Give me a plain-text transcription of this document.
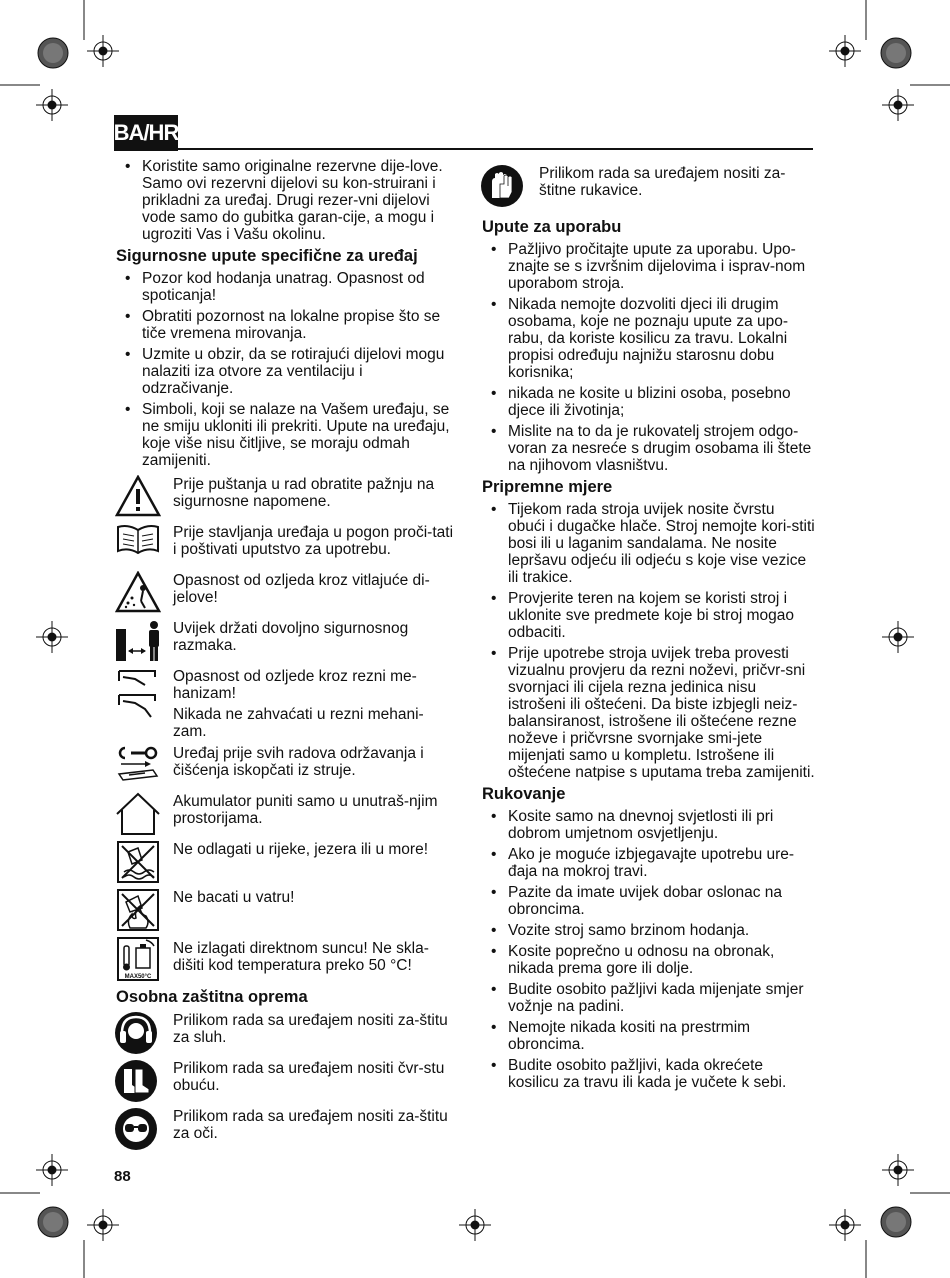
BA/HR
• Koristite samo originalne rezervne dije-love. Samo ovi rezervni dijelovi su kon-struirani i prikladni za uređaj. Drugi rezer-vni dijelovi vode samo do gubitka garan-cije, a mogu i ugroziti Vas i Vašu okolinu.
Sigurnosne upute specifične za uređaj
• Pozor kod hodanja unatrag. Opasnost od spoticanja!
• Obratiti pozornost na lokalne propise što se tiče vremena mirovanja.
• Uzmite u obzir, da se rotirajući dijelovi mogu nalaziti iza otvore za ventilaciju i odzračivanje.
• Simboli, koji se nalaze na Vašem uređaju, se ne smiju ukloniti ili prekriti. Upute na uređaju, koje više nisu čitljive, se moraju odmah zamijeniti.
Prije puštanja u rad obratite pažnju na sigurnosne napomene.
Prije stavljanja uređaja u pogon proči-tati i poštivati uputstvo za upotrebu.
Opasnost od ozljeda kroz vitlajuće di-jelove!
Uvijek držati dovoljno sigurnosnog razmaka.
Opasnost od ozljede kroz rezni me-hanizam!
Nikada ne zahvaćati u rezni mehani-zam.
Uređaj prije svih radova održavanja i čišćenja iskopčati iz struje.
Akumulator puniti samo u unutraš-njim prostorijama.
Ne odlagati u rijeke, jezera ili u more!
Ne bacati u vatru!
MAX50°C
Ne izlagati direktnom suncu! Ne skla-dišiti kod temperatura preko 50 °C!
Osobna zaštitna oprema
Prilikom rada sa uređajem nositi za-štitu za sluh.
Prilikom rada sa uređajem nositi čvr-stu obuću.
Prilikom rada sa uređajem nositi za-štitu za oči.
Prilikom rada sa uređajem nositi za-štitne rukavice.
Upute za uporabu
• Pažljivo pročitajte upute za uporabu. Upo-znajte se s izvršnim dijelovima i isprav-nom uporabom stroja.
• Nikada nemojte dozvoliti djeci ili drugim osobama, koje ne poznaju upute za upo-rabu, da koriste kosilicu za travu. Lokalni propisi određuju najnižu starosnu dobu korisnika;
• nikada ne kosite u blizini osoba, posebno djece ili životinja;
• Mislite na to da je rukovatelj strojem odgo-voran za nesreće s drugim osobama ili štete na njihovom vlasništvu.
Pripremne mjere
• Tijekom rada stroja uvijek nosite čvrstu obući i dugačke hlače. Stroj nemojte kori-stiti bosi ili u laganim sandalama. Ne nosite lepršavu odjeću ili odjeću s koje vise vezice ili trakice.
• Provjerite teren na kojem se koristi stroj i uklonite sve predmete koje bi stroj mogao odbaciti.
• Prije upotrebe stroja uvijek treba provesti vizualnu provjeru da rezni noževi, pričvr-sni svornjaci ili cijela rezna jedinica nisu istrošeni ili oštećeni. Da biste izbjegli neiz-balansiranost, istrošene ili oštećene rezne noževe i pričvrsne svornjake smi-jete mijenjati samo u kompletu. Istrošene ili oštećene natpise s uputama treba zamijeniti.
Rukovanje
• Kosite samo na dnevnoj svjetlosti ili pri dobrom umjetnom osvjetljenju.
• Ako je moguće izbjegavajte upotrebu ure-đaja na mokroj travi.
• Pazite da imate uvijek dobar oslonac na obroncima.
• Vozite stroj samo brzinom hodanja.
• Kosite poprečno u odnosu na obronak, nikada prema gore ili dolje.
• Budite osobito pažljivi kada mijenjate smjer vožnje na padini.
• Nemojte nikada kositi na prestrmim obroncima.
• Budite osobito pažljivi, kada okrećete kosilicu za travu ili kada je vučete k sebi.
88
